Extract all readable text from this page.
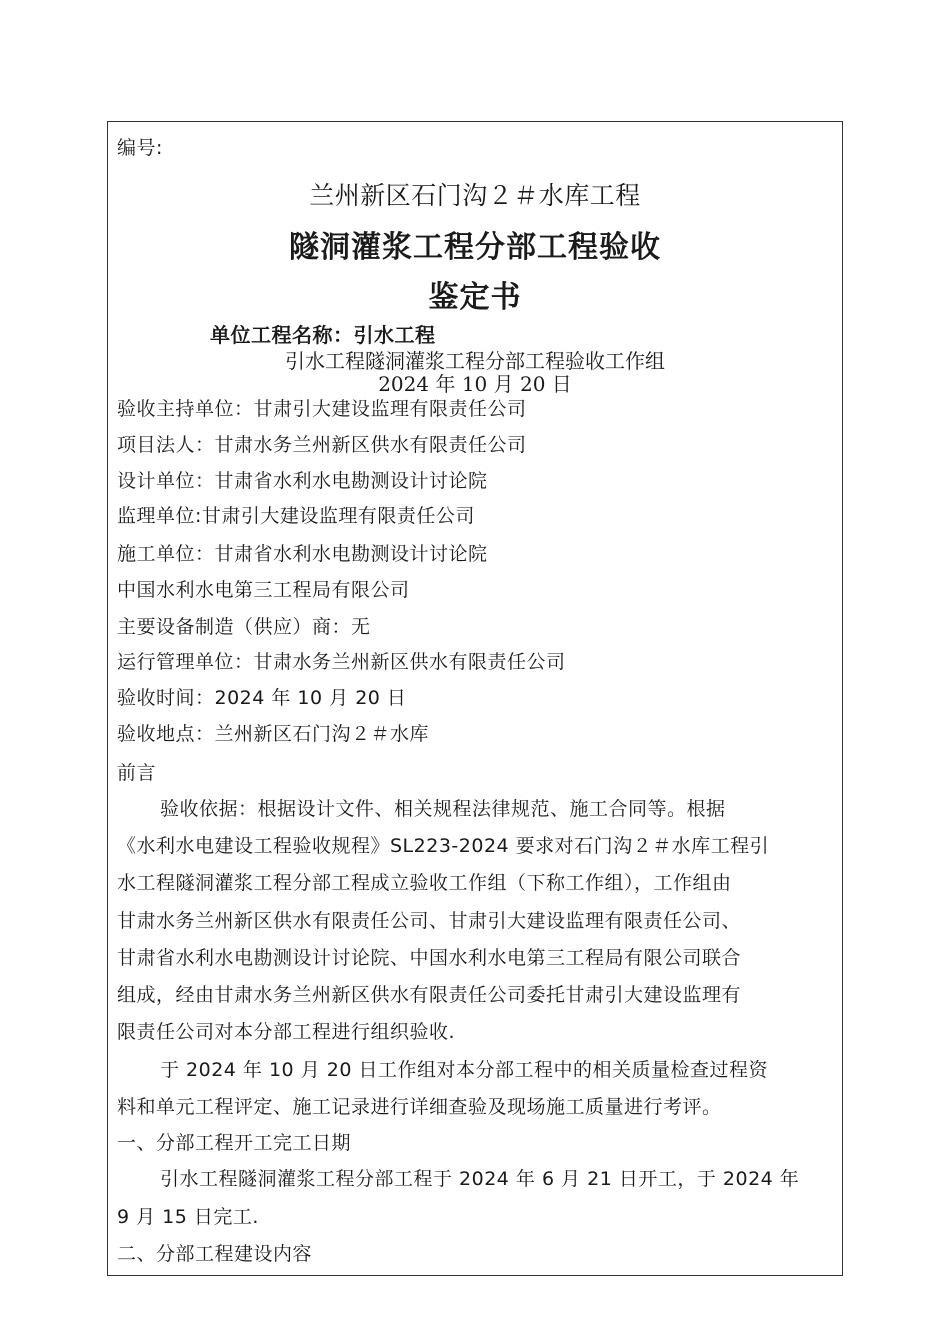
编号:
兰州新区石门沟２＃水库工程
隧洞灌浆工程分部工程验收
鉴定书
单位工程名称：引水工程
引水工程隧洞灌浆工程分部工程验收工作组
2024 年 10 月 20 日
验收主持单位：甘肃引大建设监理有限责任公司
项目法人：甘肃水务兰州新区供水有限责任公司
设计单位：甘肃省水利水电勘测设计讨论院
监理单位:甘肃引大建设监理有限责任公司
施工单位：甘肃省水利水电勘测设计讨论院
中国水利水电第三工程局有限公司
主要设备制造（供应）商：无
运行管理单位：甘肃水务兰州新区供水有限责任公司
验收时间：2024 年 10 月 20 日
验收地点：兰州新区石门沟２＃水库
前言
验收依据：根据设计文件、相关规程法律规范、施工合同等。根据
《水利水电建设工程验收规程》SL223-2024 要求对石门沟２＃水库工程引
水工程隧洞灌浆工程分部工程成立验收工作组（下称工作组），工作组由
甘肃水务兰州新区供水有限责任公司、甘肃引大建设监理有限责任公司、
甘肃省水利水电勘测设计讨论院、中国水利水电第三工程局有限公司联合
组成，经由甘肃水务兰州新区供水有限责任公司委托甘肃引大建设监理有
限责任公司对本分部工程进行组织验收.
于 2024 年 10 月 20 日工作组对本分部工程中的相关质量检查过程资
料和单元工程评定、施工记录进行详细查验及现场施工质量进行考评。
一、分部工程开工完工日期
引水工程隧洞灌浆工程分部工程于 2024 年 6 月 21 日开工，于 2024 年
9 月 15 日完工.
二、分部工程建设内容
